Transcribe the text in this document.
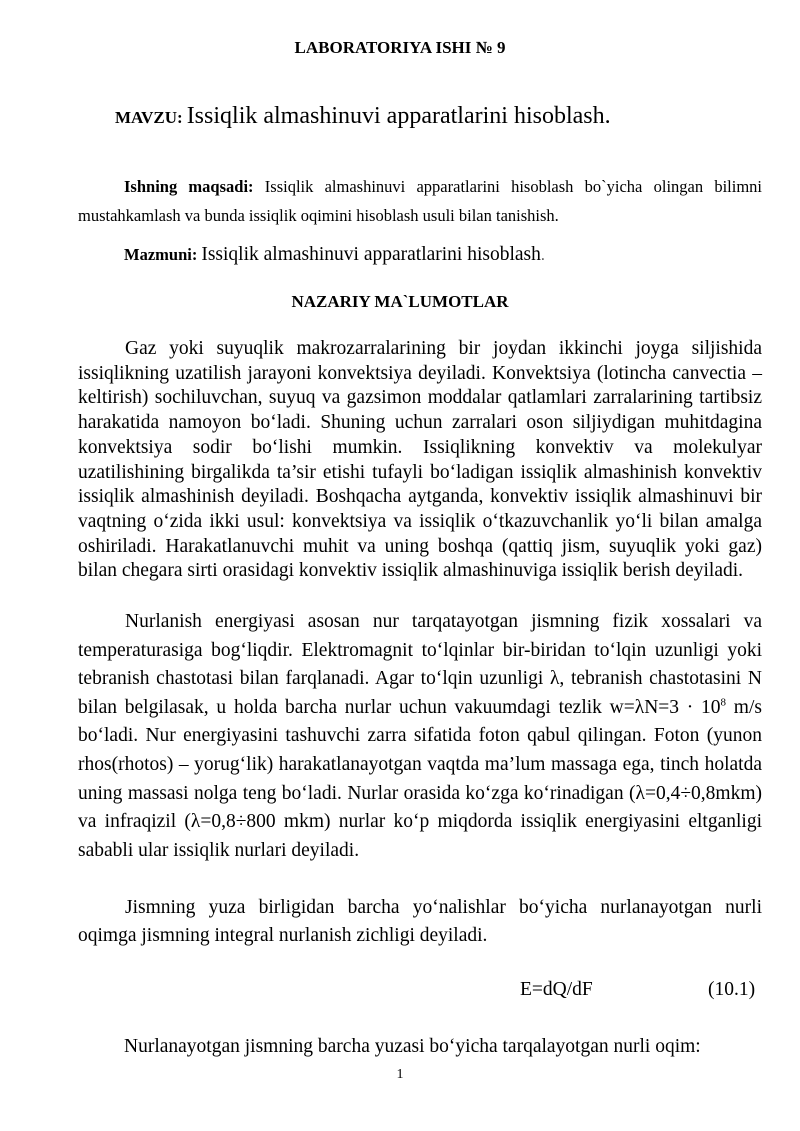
LABORATORIYA ISHI № 9
MAVZU: Issiqlik almashinuvi apparatlarini hisoblash.

Ishning maqsadi: Issiqlik almashinuvi apparatlarini hisoblash bo`yicha olingan bilimni mustahkamlash va bunda issiqlik oqimini hisoblash usuli bilan tanishish.

Mazmuni: Issiqlik almashinuvi apparatlarini hisoblash.
NAZARIY MA`LUMOTLAR

Gaz yoki suyuqlik makrozarralarining bir joydan ikkinchi joyga siljishida issiqlikning uzatilish jarayoni konvektsiya deyiladi. Konvektsiya (lotincha canvectia – keltirish) sochiluvchan, suyuq va gazsimon moddalar qatlamlari zarralarining tartibsiz harakatida namoyon bo‘ladi. Shuning uchun zarralari oson siljiydigan muhitdagina konvektsiya sodir bo‘lishi mumkin. Issiqlikning konvektiv va molekulyar uzatilishining birgalikda ta’sir etishi tufayli bo‘ladigan issiqlik almashinish konvektiv issiqlik almashinish deyiladi. Boshqacha aytganda, konvektiv issiqlik almashinuvi bir vaqtning o‘zida ikki usul: konvektsiya va issiqlik o‘tkazuvchanlik yo‘li bilan amalga oshiriladi. Harakatlanuvchi muhit va uning boshqa (qattiq jism, suyuqlik yoki gaz) bilan chegara sirti orasidagi konvektiv issiqlik almashinuviga issiqlik berish deyiladi.

Nurlanish energiyasi asosan nur tarqatayotgan jismning fizik xossalari va temperaturasiga bog‘liqdir. Elektromagnit to‘lqinlar bir-biridan to‘lqin uzunligi yoki tebranish chastotasi bilan farqlanadi. Agar to‘lqin uzunligi λ, tebranish chastotasini N bilan belgilasak, u holda barcha nurlar uchun vakuumdagi tezlik $w=\lambda N=3 \cdot 10^8$ m/s bo‘ladi. Nur energiyasini tashuvchi zarra sifatida foton qabul qilingan. Foton (yunon rhos(rhotos) – yorug‘lik) harakatlanayotgan vaqtda ma’lum massaga ega, tinch holatda uning massasi nolga teng bo‘ladi. Nurlar orasida ko‘zga ko‘rinadigan (λ=0,4÷0,8mkm) va infraqizil (λ=0,8÷800 mkm) nurlar ko‘p miqdorda issiqlik energiyasini eltganligi sababli ular issiqlik nurlari deyiladi.

Jismning yuza birligidan barcha yo‘nalishlar bo‘yicha nurlanayotgan nurli oqimga jismning integral nurlanish zichligi deyiladi.

E=dQ/dF	(10.1)
Nurlanayotgan jismning barcha yuzasi bo‘yicha tarqalayotgan nurli oqim:
1
